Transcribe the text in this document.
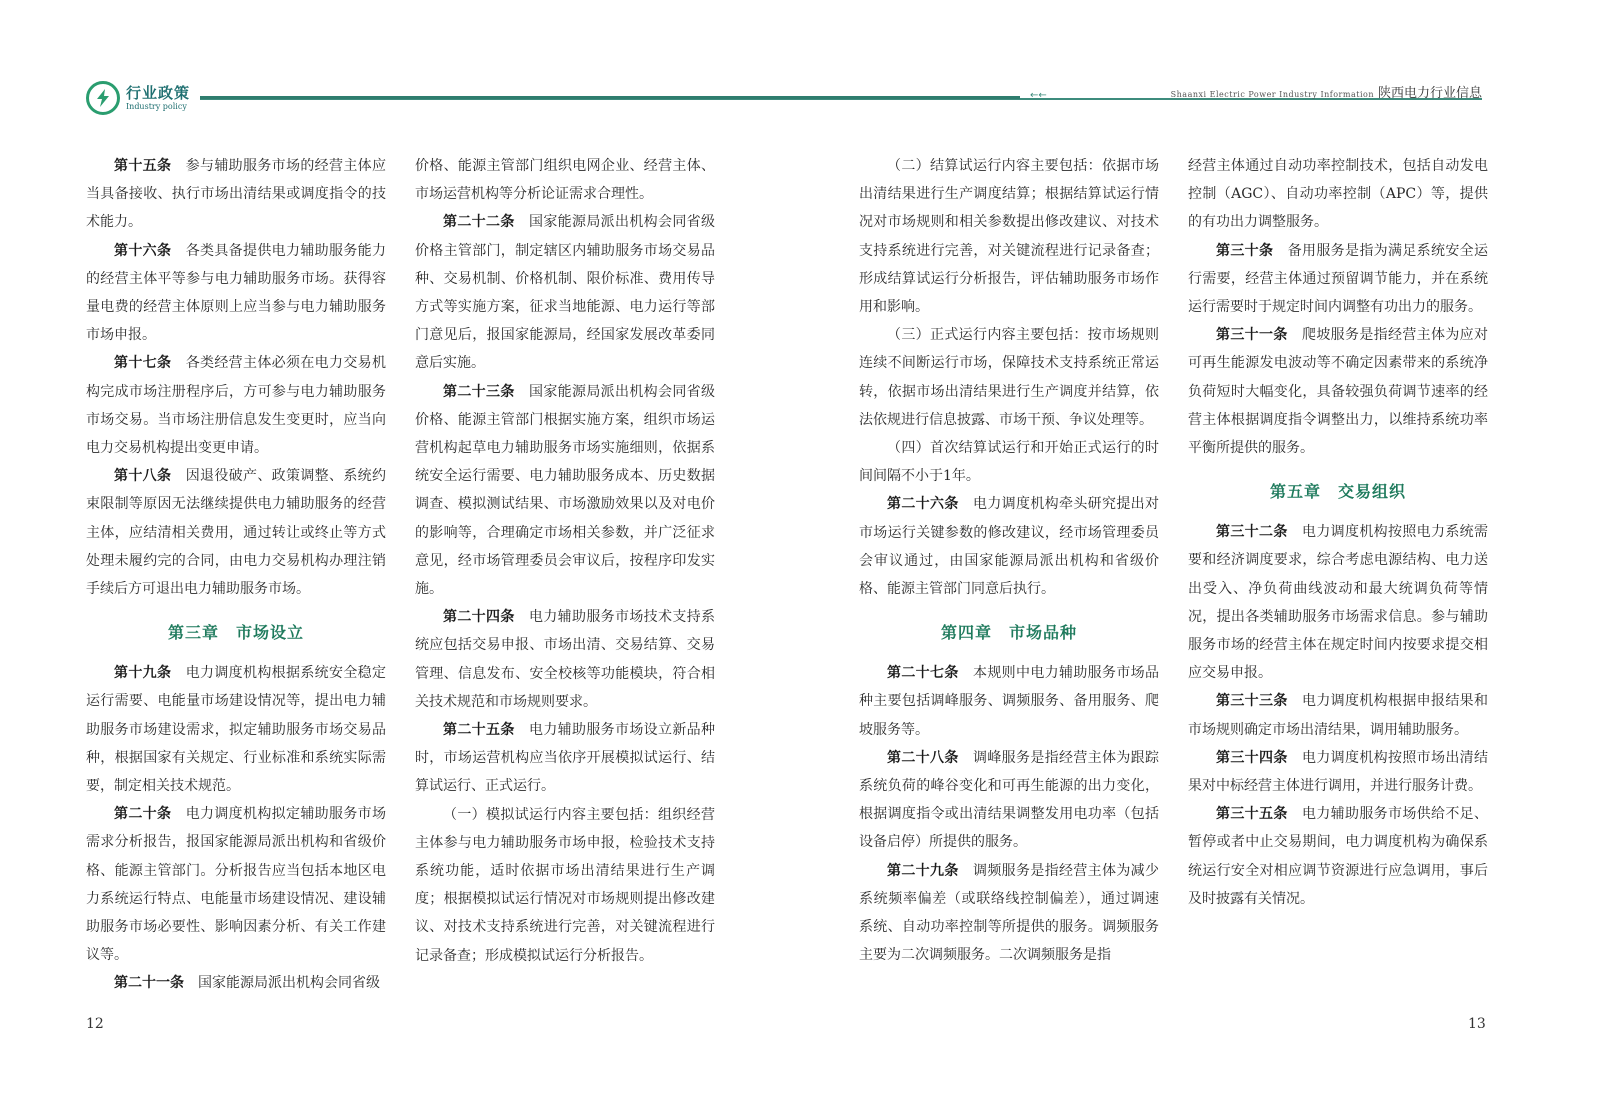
行业政策
Industry policy
←←	Shaanxi Electric Power Industry Information 陕西电力行业信息

第十五条　 参与辅助服务市场的经营主体应当具备接收、执行市场出清结果或调度指令的技术能力。

第十六条　 各类具备提供电力辅助服务能力的经营主体平等参与电力辅助服务市场。获得容量电费的经营主体原则上应当参与电力辅助服务市场申报。

第十七条　 各类经营主体必须在电力交易机构完成市场注册程序后，方可参与电力辅助服务市场交易。当市场注册信息发生变更时，应当向电力交易机构提出变更申请。

第十八条　 因退役破产、政策调整、系统约束限制等原因无法继续提供电力辅助服务的经营主体，应结清相关费用，通过转让或终止等方式处理未履约完的合同，由电力交易机构办理注销手续后方可退出电力辅助服务市场。

第三章　市场设立

第十九条　 电力调度机构根据系统安全稳定运行需要、电能量市场建设情况等，提出电力辅助服务市场建设需求，拟定辅助服务市场交易品种，根据国家有关规定、行业标准和系统实际需要，制定相关技术规范。

第二十条　 电力调度机构拟定辅助服务市场需求分析报告，报国家能源局派出机构和省级价格、能源主管部门。分析报告应当包括本地区电力系统运行特点、电能量市场建设情况、建设辅助服务市场必要性、影响因素分析、有关工作建议等。

第二十一条　 国家能源局派出机构会同省级

价格、能源主管部门组织电网企业、经营主体、市场运营机构等分析论证需求合理性。

第二十二条　 国家能源局派出机构会同省级价格主管部门，制定辖区内辅助服务市场交易品种、交易机制、价格机制、限价标准、费用传导方式等实施方案，征求当地能源、电力运行等部门意见后，报国家能源局，经国家发展改革委同意后实施。

第二十三条　 国家能源局派出机构会同省级价格、能源主管部门根据实施方案，组织市场运营机构起草电力辅助服务市场实施细则，依据系统安全运行需要、电力辅助服务成本、历史数据调查、模拟测试结果、市场激励效果以及对电价的影响等，合理确定市场相关参数，并广泛征求意见，经市场管理委员会审议后，按程序印发实施。

第二十四条　 电力辅助服务市场技术支持系统应包括交易申报、市场出清、交易结算、交易管理、信息发布、安全校核等功能模块，符合相关技术规范和市场规则要求。

第二十五条　 电力辅助服务市场设立新品种时，市场运营机构应当依序开展模拟试运行、结算试运行、正式运行。

（一）模拟试运行内容主要包括：组织经营主体参与电力辅助服务市场申报，检验技术支持系统功能，适时依据市场出清结果进行生产调度；根据模拟试运行情况对市场规则提出修改建议、对技术支持系统进行完善，对关键流程进行记录备查；形成模拟试运行分析报告。

（二）结算试运行内容主要包括：依据市场出清结果进行生产调度结算；根据结算试运行情况对市场规则和相关参数提出修改建议、对技术支持系统进行完善，对关键流程进行记录备查；形成结算试运行分析报告，评估辅助服务市场作用和影响。

（三）正式运行内容主要包括：按市场规则连续不间断运行市场，保障技术支持系统正常运转，依据市场出清结果进行生产调度并结算，依法依规进行信息披露、市场干预、争议处理等。

（四）首次结算试运行和开始正式运行的时间间隔不小于1年。

第二十六条　 电力调度机构牵头研究提出对市场运行关键参数的修改建议，经市场管理委员会审议通过，由国家能源局派出机构和省级价格、能源主管部门同意后执行。

第四章　市场品种

第二十七条　 本规则中电力辅助服务市场品种主要包括调峰服务、调频服务、备用服务、爬坡服务等。

第二十八条　 调峰服务是指经营主体为跟踪系统负荷的峰谷变化和可再生能源的出力变化，根据调度指令或出清结果调整发用电功率（包括设备启停）所提供的服务。

第二十九条　 调频服务是指经营主体为减少系统频率偏差（或联络线控制偏差），通过调速系统、自动功率控制等所提供的服务。调频服务主要为二次调频服务。二次调频服务是指

经营主体通过自动功率控制技术，包括自动发电控制（AGC）、自动功率控制（APC）等，提供的有功出力调整服务。

第三十条　 备用服务是指为满足系统安全运行需要，经营主体通过预留调节能力，并在系统运行需要时于规定时间内调整有功出力的服务。

第三十一条　 爬坡服务是指经营主体为应对可再生能源发电波动等不确定因素带来的系统净负荷短时大幅变化，具备较强负荷调节速率的经营主体根据调度指令调整出力，以维持系统功率平衡所提供的服务。

第五章　交易组织

第三十二条　 电力调度机构按照电力系统需要和经济调度要求，综合考虑电源结构、电力送出受入、净负荷曲线波动和最大统调负荷等情况，提出各类辅助服务市场需求信息。参与辅助服务市场的经营主体在规定时间内按要求提交相应交易申报。

第三十三条　 电力调度机构根据申报结果和市场规则确定市场出清结果，调用辅助服务。

第三十四条　 电力调度机构按照市场出清结果对中标经营主体进行调用，并进行服务计费。

第三十五条　 电力辅助服务市场供给不足、暂停或者中止交易期间，电力调度机构为确保系统运行安全对相应调节资源进行应急调用，事后及时披露有关情况。

12	13
